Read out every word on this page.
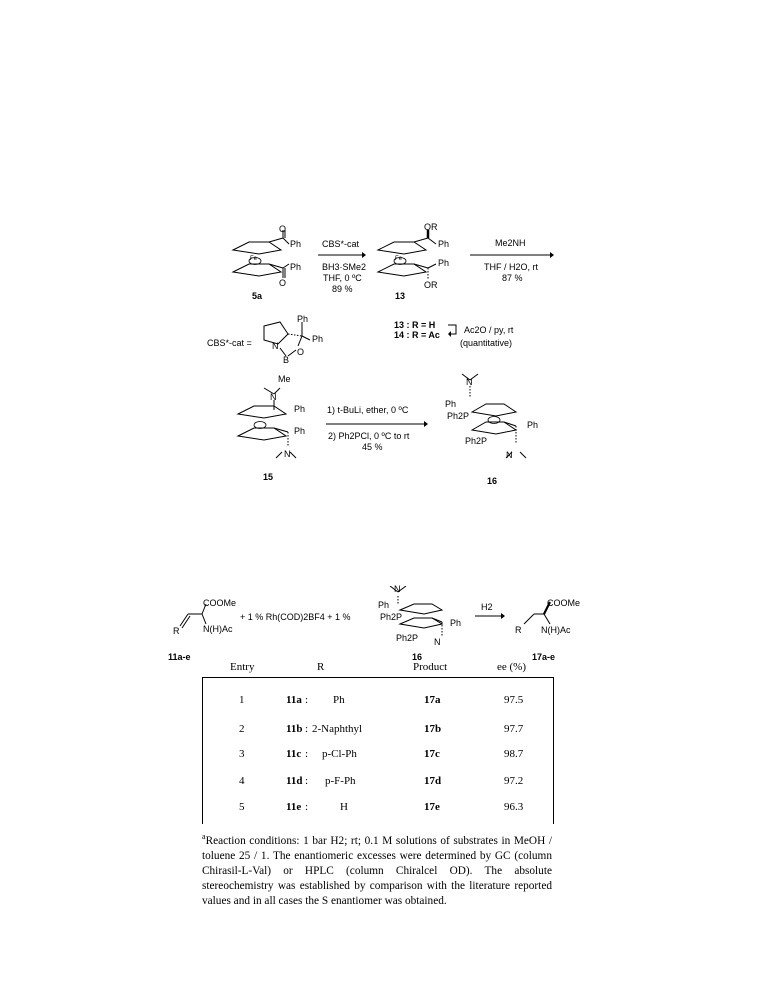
Fe
O
Ph
Ph
O
5a
CBS*-cat
BH3·SMe2
THF, 0 ºC
89 %
Fe
OR
Ph
Ph
OR
13
Me2NH
THF / H2O, rt
87 %
CBS*-cat =
Ph
Ph
N
O
B
Me
13 : R = H
14 : R = Ac	Ac2O / py, rt
(quantitative)
N
Ph
Ph
N
15
1) t-BuLi, ether, 0 ºC
2) Ph2PCl, 0 ºC to rt
45 %
N
Ph
Ph2P
Ph
Ph2P
N
16
COOMe
N(H)Ac
R
+ 1 % Rh(COD)2BF4 + 1 %
N
Ph
Ph2P
Ph
Ph2P N
H2	COOMe
R N(H)Ac
11a-e	16	17a-e
Entry	R	Product	ee (%)
1	11a : Ph	17a	97.5
2	11b : 2-Naphthyl	17b	97.7
3	11c : p-Cl-Ph	17c	98.7
4	11d : p-F-Ph	17d	97.2
5	11e :	H	17e	96.3
$^a$Reaction conditions: 1 bar H2; rt; 0.1 M solutions of substrates in MeOH / toluene 25 / 1. The enantiomeric excesses were determined by GC (column Chirasil-L-Val) or HPLC (column Chiralcel OD). The absolute stereochemistry was established by comparison with the literature reported values and in all cases the S enantiomer was obtained.
